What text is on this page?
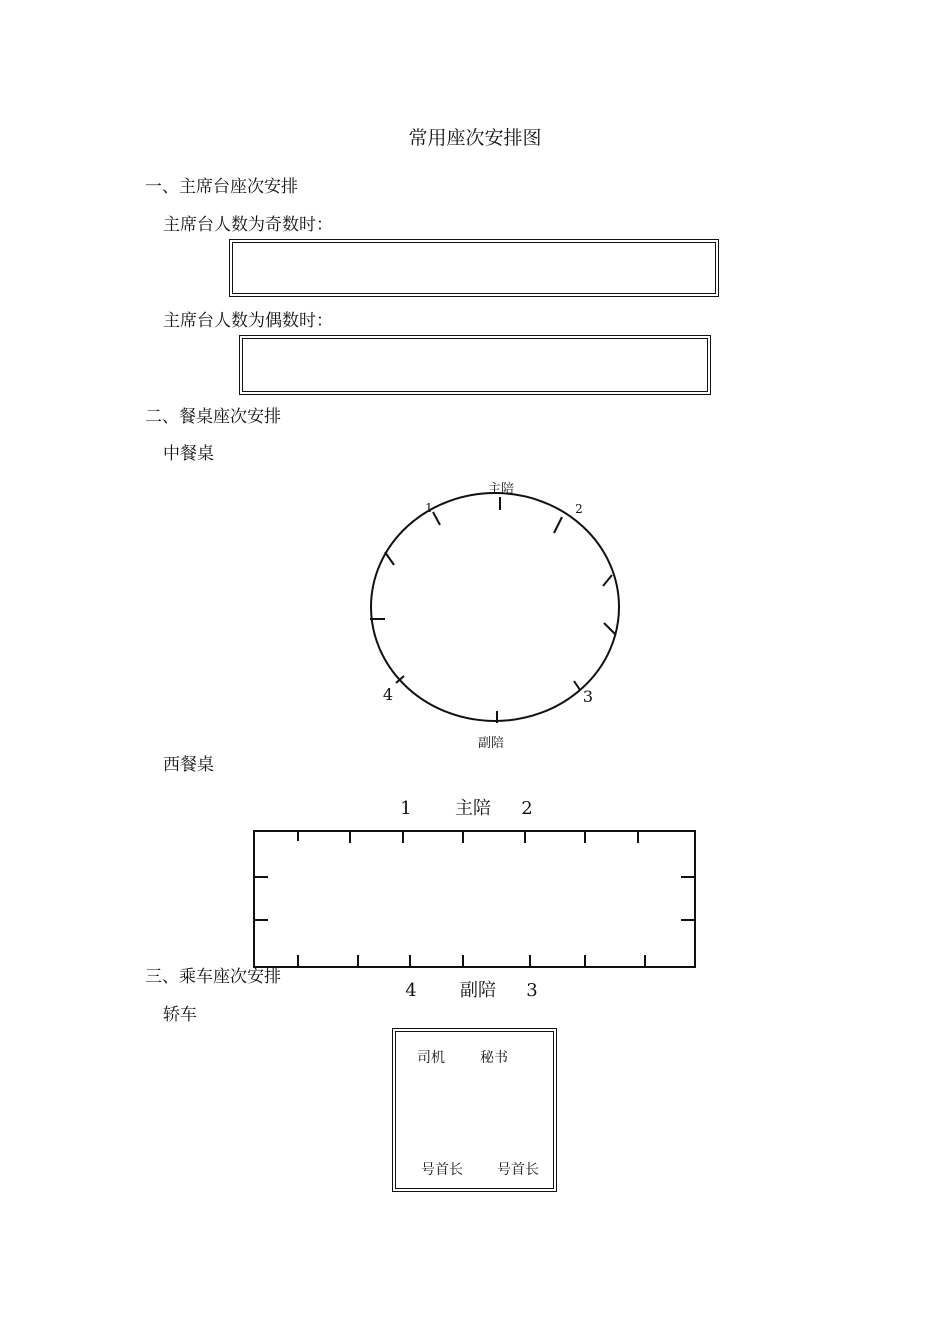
常用座次安排图
一、主席台座次安排
主席台人数为奇数时：
主席台人数为偶数时：
二、餐桌座次安排
中餐桌
主陪
1	2
4	3
副陪
西餐桌
1 主陪 2
4 副陪 3
三、乘车座次安排
轿车
司机	秘书
号首长 号首长
